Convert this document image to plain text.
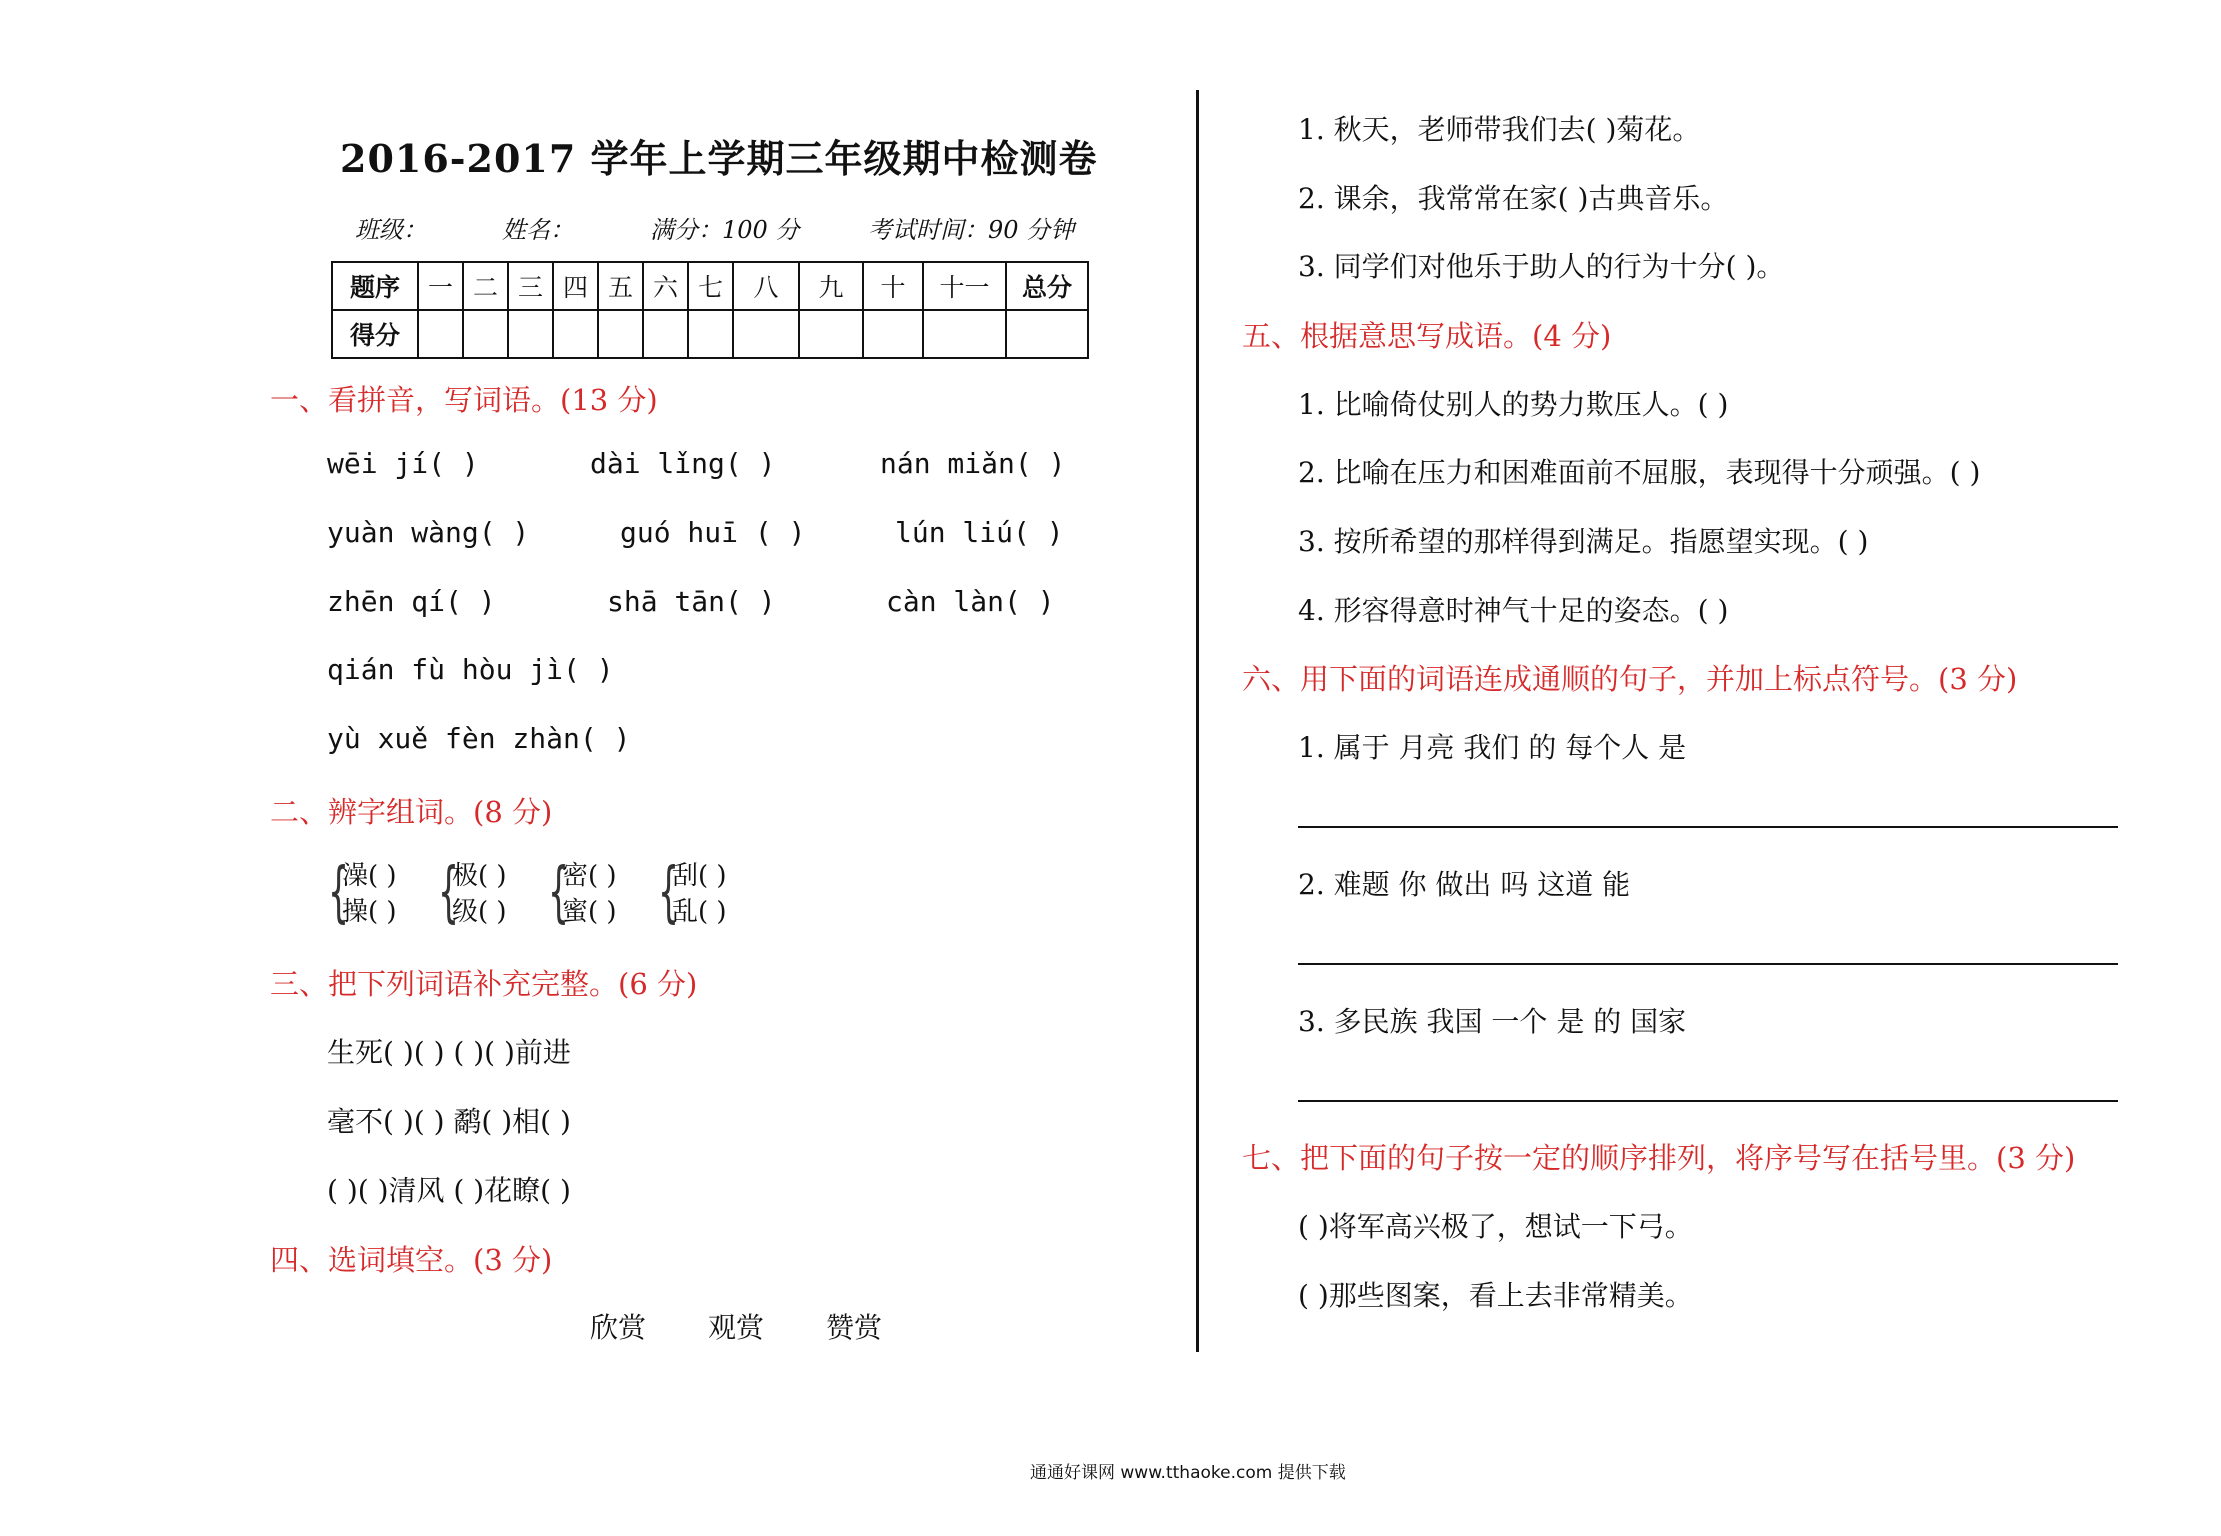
2016-2017 学年上学期三年级期中检测卷
班级：	姓名：	满分：100 分	考试时间：90 分钟
题序	一	二	三	四	五	六	七	八	九	十	十一	总分
得分												
一、看拼音，写词语。(13 分)
wēi jí( )	dài lǐng( )	nán miǎn( )
yuàn wàng( )	guó huī ( )	lún liú( )
zhēn qí( )	shā tān( )	càn làn( )
qián fù hòu jì( )
yù xuě fèn zhàn( )
二、辨字组词。(8 分)
{
澡( )
操( ) {
极( )
级( ) {
密( )
蜜( ) {
刮( )
乱( )
三、把下列词语补充完整。(6 分)
生死( )( ) ( )( )前进
毫不( )( ) 鹬( )相( )
( )( )清风 ( )花瞭( )
四、选词填空。(3 分)
欣赏 观赏 赞赏
1. 秋天，老师带我们去( )菊花。
2. 课余，我常常在家( )古典音乐。
3. 同学们对他乐于助人的行为十分( )。
五、根据意思写成语。(4 分)
1. 比喻倚仗别人的势力欺压人。( )
2. 比喻在压力和困难面前不屈服，表现得十分顽强。( )
3. 按所希望的那样得到满足。指愿望实现。( )
4. 形容得意时神气十足的姿态。( )
六、用下面的词语连成通顺的句子，并加上标点符号。(3 分)
1. 属于 月亮 我们 的 每个人 是
2. 难题 你 做出 吗 这道 能
3. 多民族 我国 一个 是 的 国家
七、把下面的句子按一定的顺序排列，将序号写在括号里。(3 分)
( )将军高兴极了，想试一下弓。
( )那些图案，看上去非常精美。
通通好课网 www.tthaoke.com 提供下载
